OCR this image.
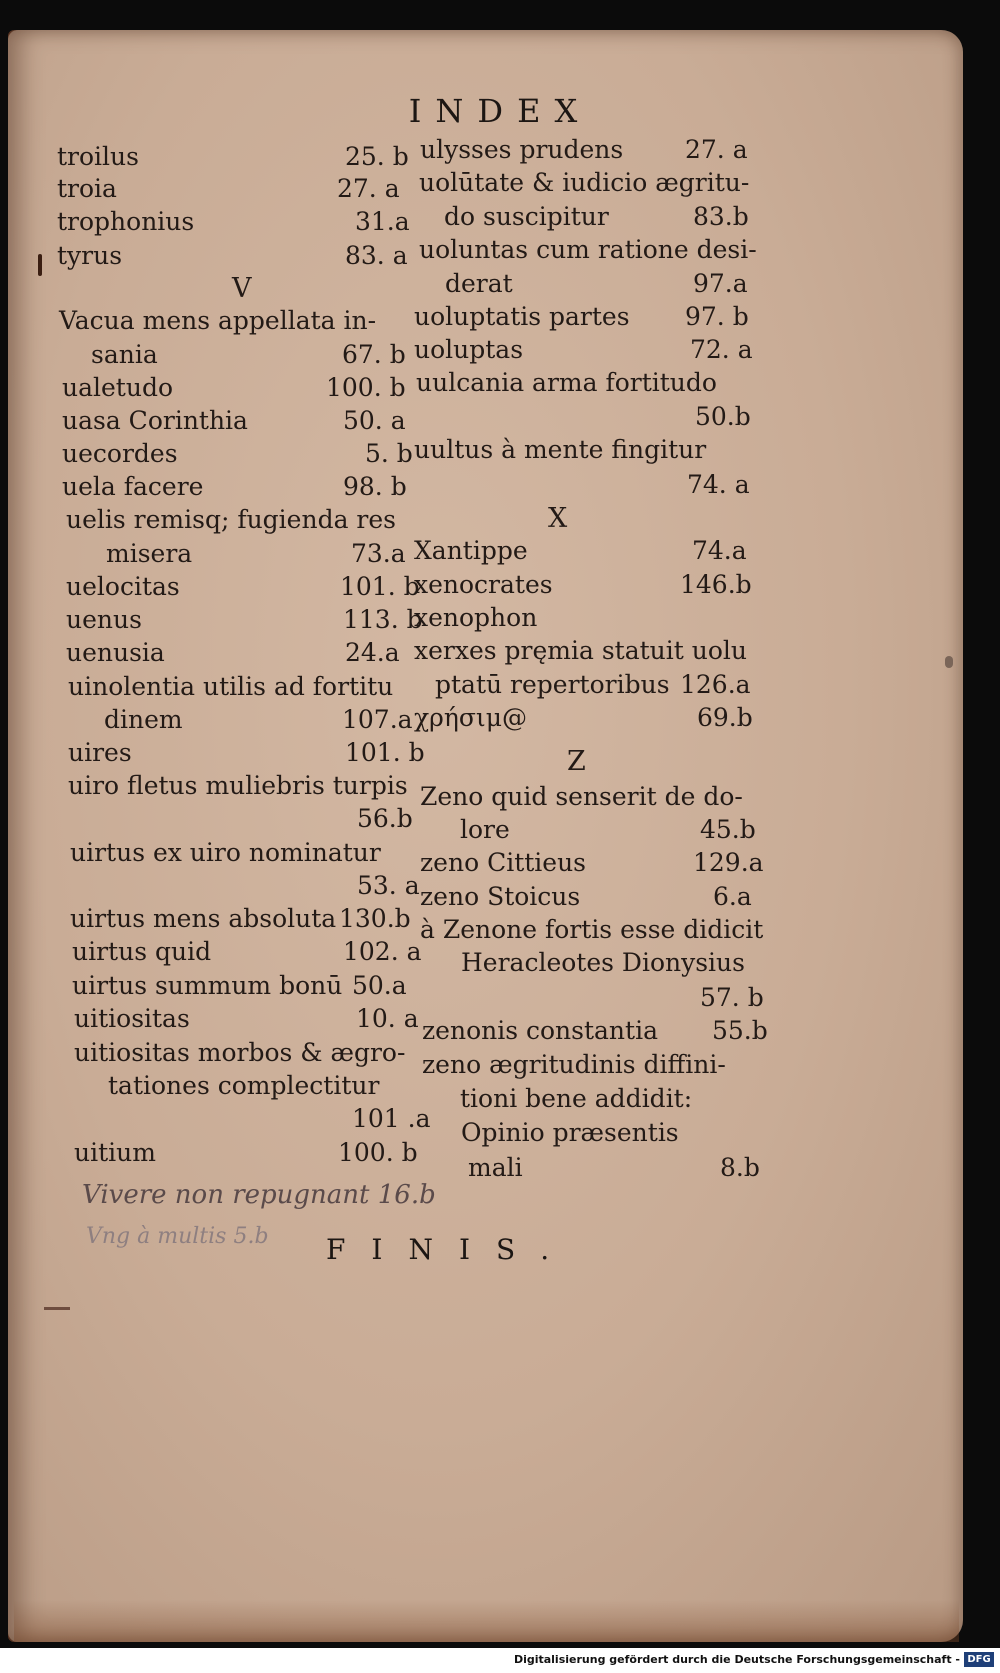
INDEX
troilus	25. b
troia	27. a
trophonius	31.a
tyrus	83. a
V
Vacua mens appellata in-
sania	67. b
ualetudo	100. b
uasa Corinthia	50. a
uecordes	5. b
uela facere	98. b
uelis remisq; fugienda res
misera	73.a
uelocitas	101. b
uenus	113. b
uenusia	24.a
uinolentia utilis ad fortitu
dinem	107.a
uires	101. b
uiro fletus muliebris turpis
56.b
uirtus ex uiro nominatur
53. a
uirtus mens absoluta 130.b
uirtus quid	102. a
uirtus summum bonū 50.a
uitiositas	10. a
uitiositas morbos & ægro-
tationes complectitur
101 .a
uitium	100. b
ulysses prudens 27. a
uolūtate & iudicio ægritu-
do suscipitur	83.b
uoluntas cum ratione desi-
derat	97.a
uoluptatis partes 97. b
uoluptas	72. a
uulcania arma fortitudo
50.b
uultus à mente fingitur
74. a
X
Xantippe	74.a
xenocrates	146.b
xenophon
xerxes pręmia statuit uolu
ptatū repertoribus 126.a
χρήσιμ@	69.b
Z
Zeno quid senserit de do-
lore	45.b
zeno Cittieus	129.a
zeno Stoicus	6.a
à Zenone fortis esse didicit
Heracleotes Dionysius
57. b
zenonis constantia 55.b
zeno ægritudinis diffini-
tioni bene addidit:
Opinio præsentis
mali	8.b
Vivere non repugnant 16.b
Vng à multis 5.b FINIS.
Digitalisierung gefördert durch die Deutsche Forschungsgemeinschaft - DFG
